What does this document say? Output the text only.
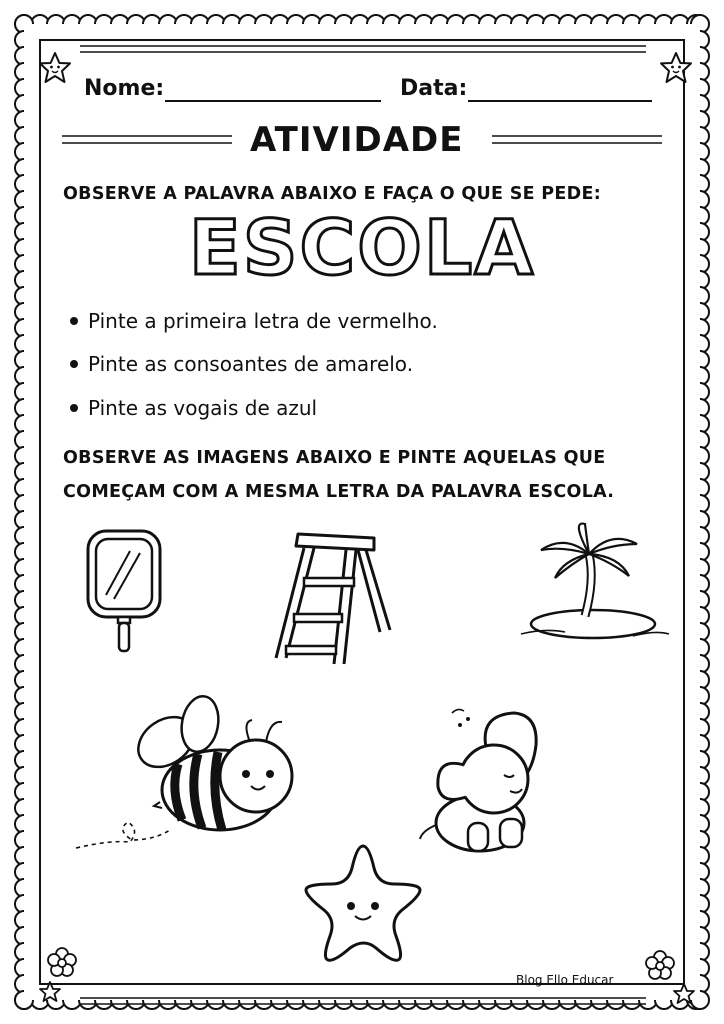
Nome:	Data:
ATIVIDADE
OBSERVE A PALAVRA ABAIXO E FAÇA O QUE SE PEDE:
ESCOLA
Pinte a primeira letra de vermelho.
Pinte as consoantes de amarelo.
Pinte as vogais de azul
OBSERVE AS IMAGENS ABAIXO E PINTE AQUELAS QUE
COMEÇAM COM A MESMA LETRA DA PALAVRA ESCOLA.
Blog Ello Educar
